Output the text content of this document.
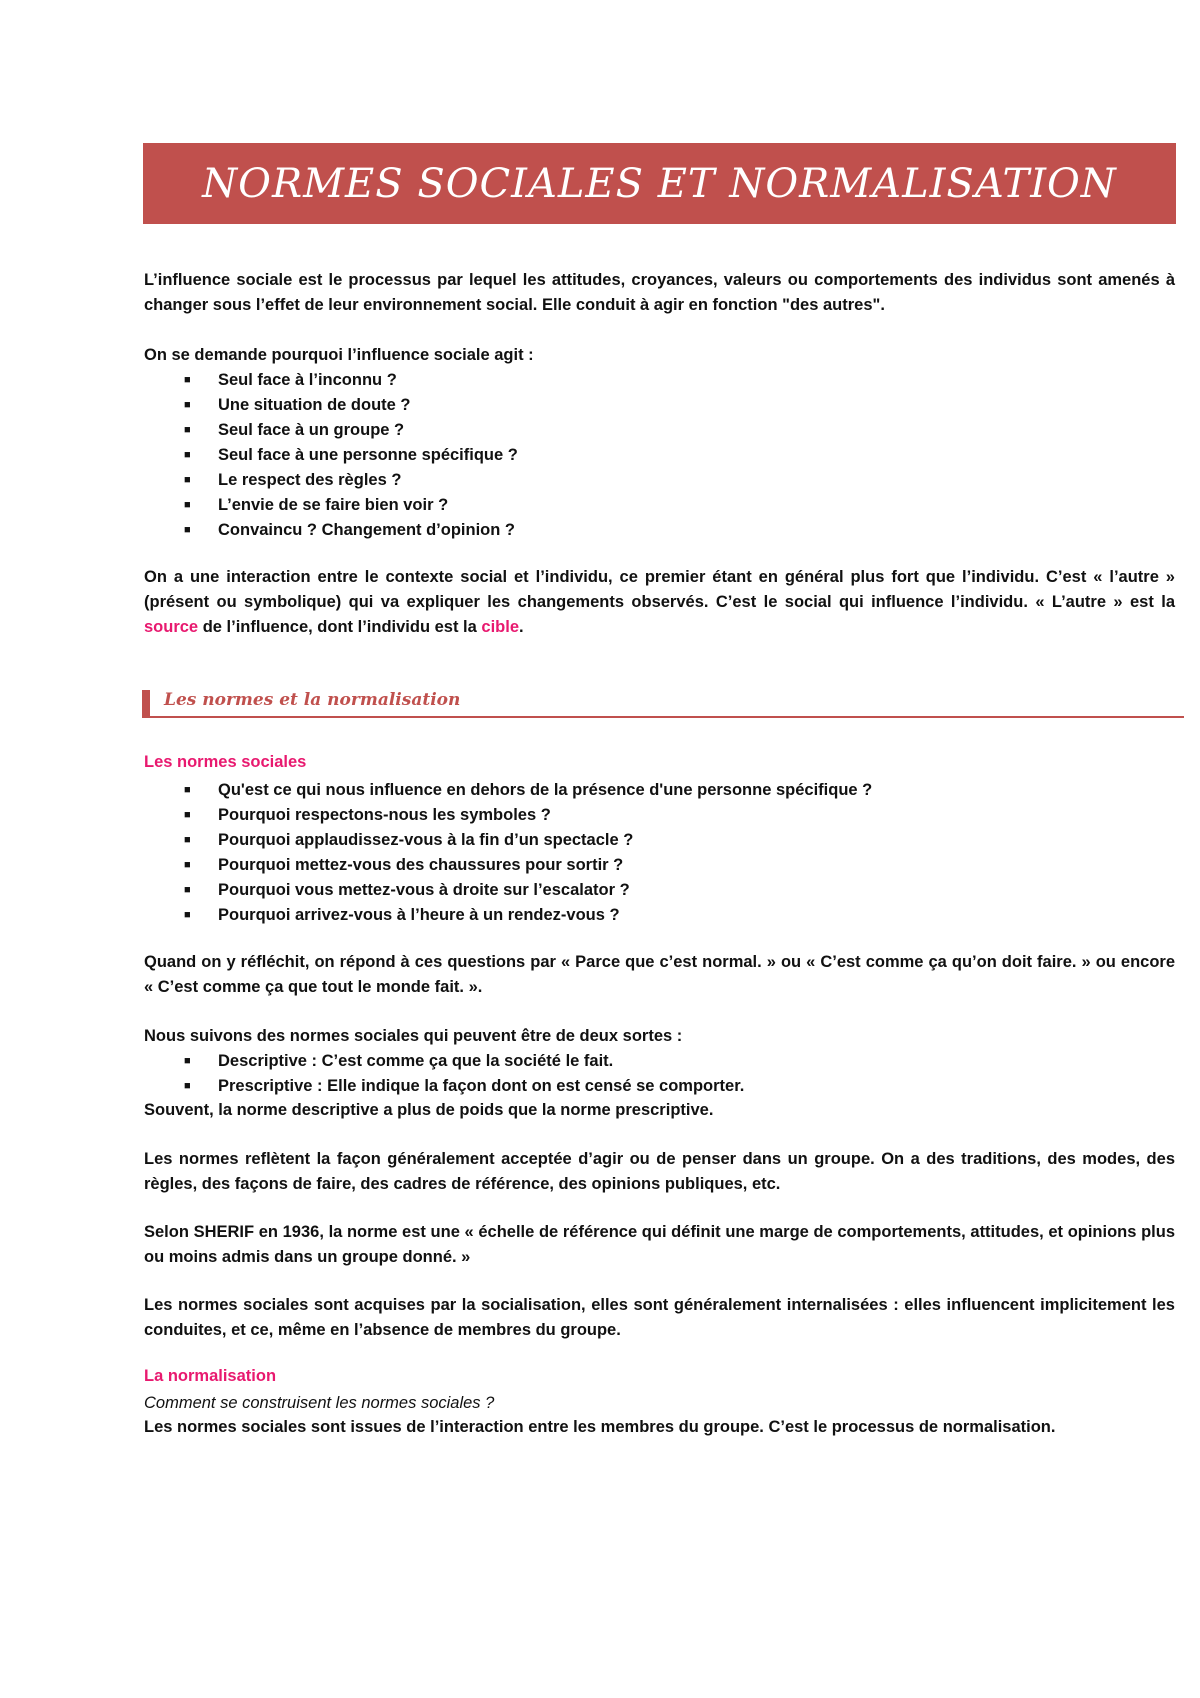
NORMES SOCIALES ET NORMALISATION

L’influence sociale est le processus par lequel les attitudes, croyances, valeurs ou comportements des individus sont amenés à changer sous l’effet de leur environnement social. Elle conduit à agir en fonction "des autres".

On se demande pourquoi l’influence sociale agit :

■ Seul face à l’inconnu ?
■ Une situation de doute ?
■ Seul face à un groupe ?
■ Seul face à une personne spécifique ?
■ Le respect des règles ?
■ L’envie de se faire bien voir ?
■ Convaincu ? Changement d’opinion ?

On a une interaction entre le contexte social et l’individu, ce premier étant en général plus fort que l’individu. C’est « l’autre » (présent ou symbolique) qui va expliquer les changements observés. C’est le social qui influence l’individu. « L’autre » est la source de l’influence, dont l’individu est la cible.

Les normes et la normalisation
Les normes sociales
■ Qu'est ce qui nous influence en dehors de la présence d'une personne spécifique ?
■ Pourquoi respectons-nous les symboles ?
■ Pourquoi applaudissez-vous à la fin d’un spectacle ?
■ Pourquoi mettez-vous des chaussures pour sortir ?
■ Pourquoi vous mettez-vous à droite sur l’escalator ?
■ Pourquoi arrivez-vous à l’heure à un rendez-vous ?

Quand on y réfléchit, on répond à ces questions par « Parce que c’est normal. » ou « C’est comme ça qu’on doit faire. » ou encore « C’est comme ça que tout le monde fait. ».

Nous suivons des normes sociales qui peuvent être de deux sortes :

■ Descriptive : C’est comme ça que la société le fait.
■ Prescriptive : Elle indique la façon dont on est censé se comporter.

Souvent, la norme descriptive a plus de poids que la norme prescriptive.

Les normes reflètent la façon généralement acceptée d’agir ou de penser dans un groupe. On a des traditions, des modes, des règles, des façons de faire, des cadres de référence, des opinions publiques, etc.

Selon SHERIF en 1936, la norme est une « échelle de référence qui définit une marge de comportements, attitudes, et opinions plus ou moins admis dans un groupe donné. »

Les normes sociales sont acquises par la socialisation, elles sont généralement internalisées : elles influencent implicitement les conduites, et ce, même en l’absence de membres du groupe.

La normalisation

Comment se construisent les normes sociales ?

Les normes sociales sont issues de l’interaction entre les membres du groupe. C’est le processus de normalisation.
